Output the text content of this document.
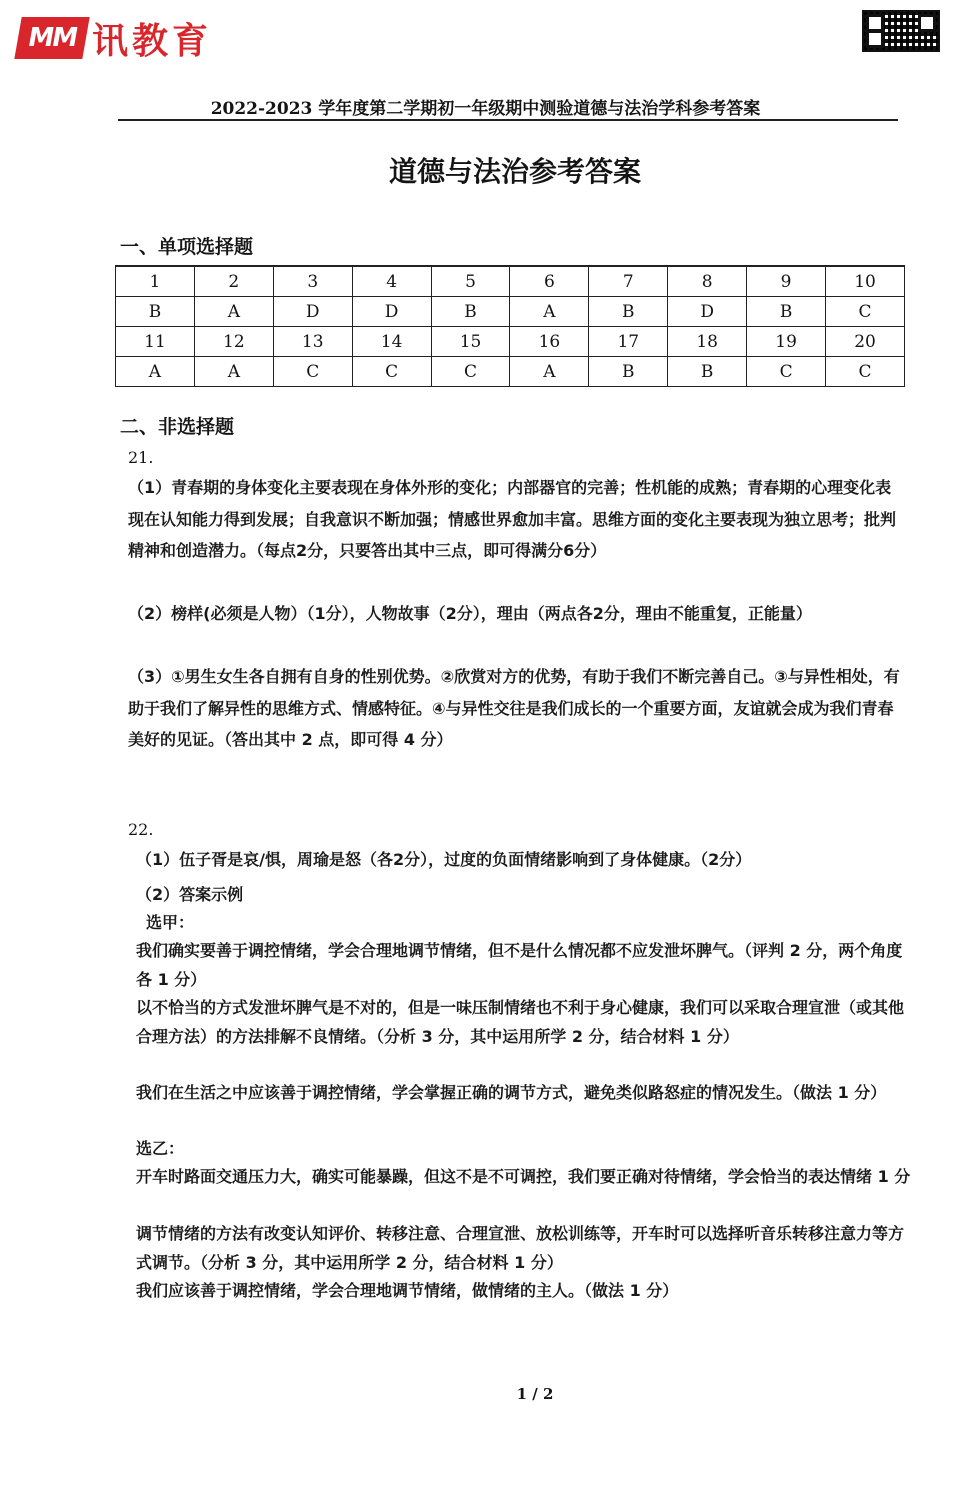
MM 讯教育
2022-2023 学年度第二学期初一年级期中测验道德与法治学科参考答案
道德与法治参考答案
一、单项选择题
1	2	3	4	5	6	7	8	9	10
B	A	D	D	B	A	B	D	B	C
11	12	13	14	15	16	17	18	19	20
A	A	C	C	C	A	B	B	C	C
二、非选择题
21.
（1）青春期的身体变化主要表现在身体外形的变化；内部器官的完善；性机能的成熟；青春期的心理变化表现在认知能力得到发展；自我意识不断加强；情感世界愈加丰富。思维方面的变化主要表现为独立思考；批判精神和创造潜力。（每点2分，只要答出其中三点，即可得满分6分）
（2）榜样(必须是人物）（1分），人物故事（2分），理由（两点各2分，理由不能重复，正能量）
（3）①男生女生各自拥有自身的性别优势。②欣赏对方的优势，有助于我们不断完善自己。③与异性相处，有助于我们了解异性的思维方式、情感特征。④与异性交往是我们成长的一个重要方面，友谊就会成为我们青春美好的见证。（答出其中 2 点，即可得 4 分）
22.
（1）伍子胥是哀/惧，周瑜是怒（各2分），过度的负面情绪影响到了身体健康。（2分）
（2）答案示例
选甲：
我们确实要善于调控情绪，学会合理地调节情绪，但不是什么情况都不应发泄坏脾气。（评判 2 分，两个角度各 1 分）
以不恰当的方式发泄坏脾气是不对的，但是一味压制情绪也不利于身心健康，我们可以采取合理宣泄（或其他合理方法）的方法排解不良情绪。（分析 3 分，其中运用所学 2 分，结合材料 1 分）
我们在生活之中应该善于调控情绪，学会掌握正确的调节方式，避免类似路怒症的情况发生。（做法 1 分）
选乙：
开车时路面交通压力大，确实可能暴躁，但这不是不可调控，我们要正确对待情绪，学会恰当的表达情绪 1 分
调节情绪的方法有改变认知评价、转移注意、合理宣泄、放松训练等，开车时可以选择听音乐转移注意力等方式调节。（分析 3 分，其中运用所学 2 分，结合材料 1 分）
我们应该善于调控情绪，学会合理地调节情绪，做情绪的主人。（做法 1 分）
1 / 2
